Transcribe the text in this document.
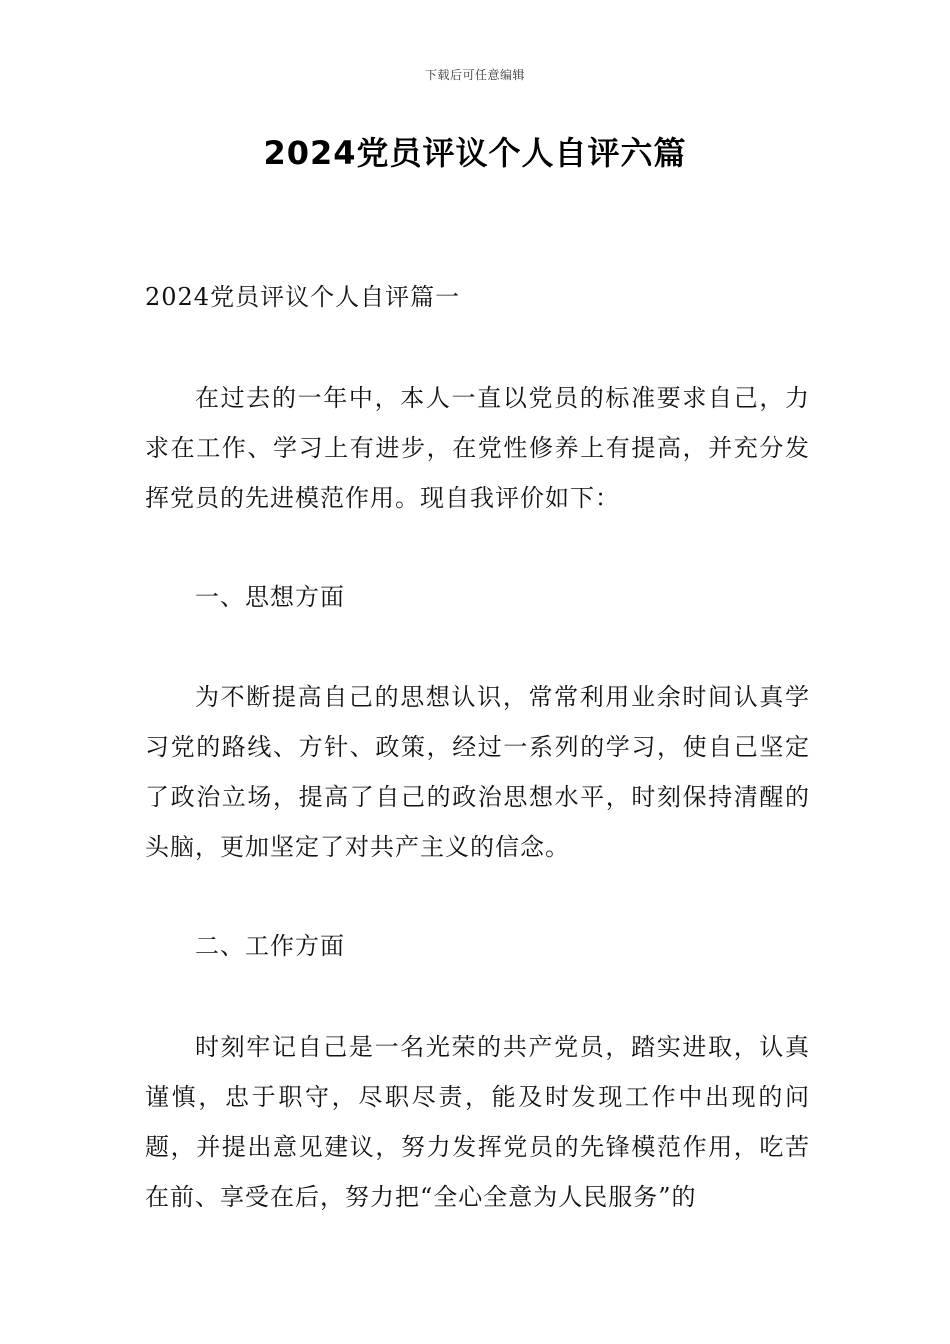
下载后可任意编辑
2024党员评议个人自评六篇

2024党员评议个人自评篇一

在过去的一年中，本人一直以党员的标准要求自己，力求在工作、学习上有进步，在党性修养上有提高，并充分发挥党员的先进模范作用。现自我评价如下：

一、思想方面

为不断提高自己的思想认识，常常利用业余时间认真学习党的路线、方针、政策，经过一系列的学习，使自己坚定了政治立场，提高了自己的政治思想水平，时刻保持清醒的头脑，更加坚定了对共产主义的信念。

二、工作方面

时刻牢记自己是一名光荣的共产党员，踏实进取，认真谨慎，忠于职守，尽职尽责，能及时发现工作中出现的问题，并提出意见建议，努力发挥党员的先锋模范作用，吃苦在前、享受在后，努力把“全心全意为人民服务”的
